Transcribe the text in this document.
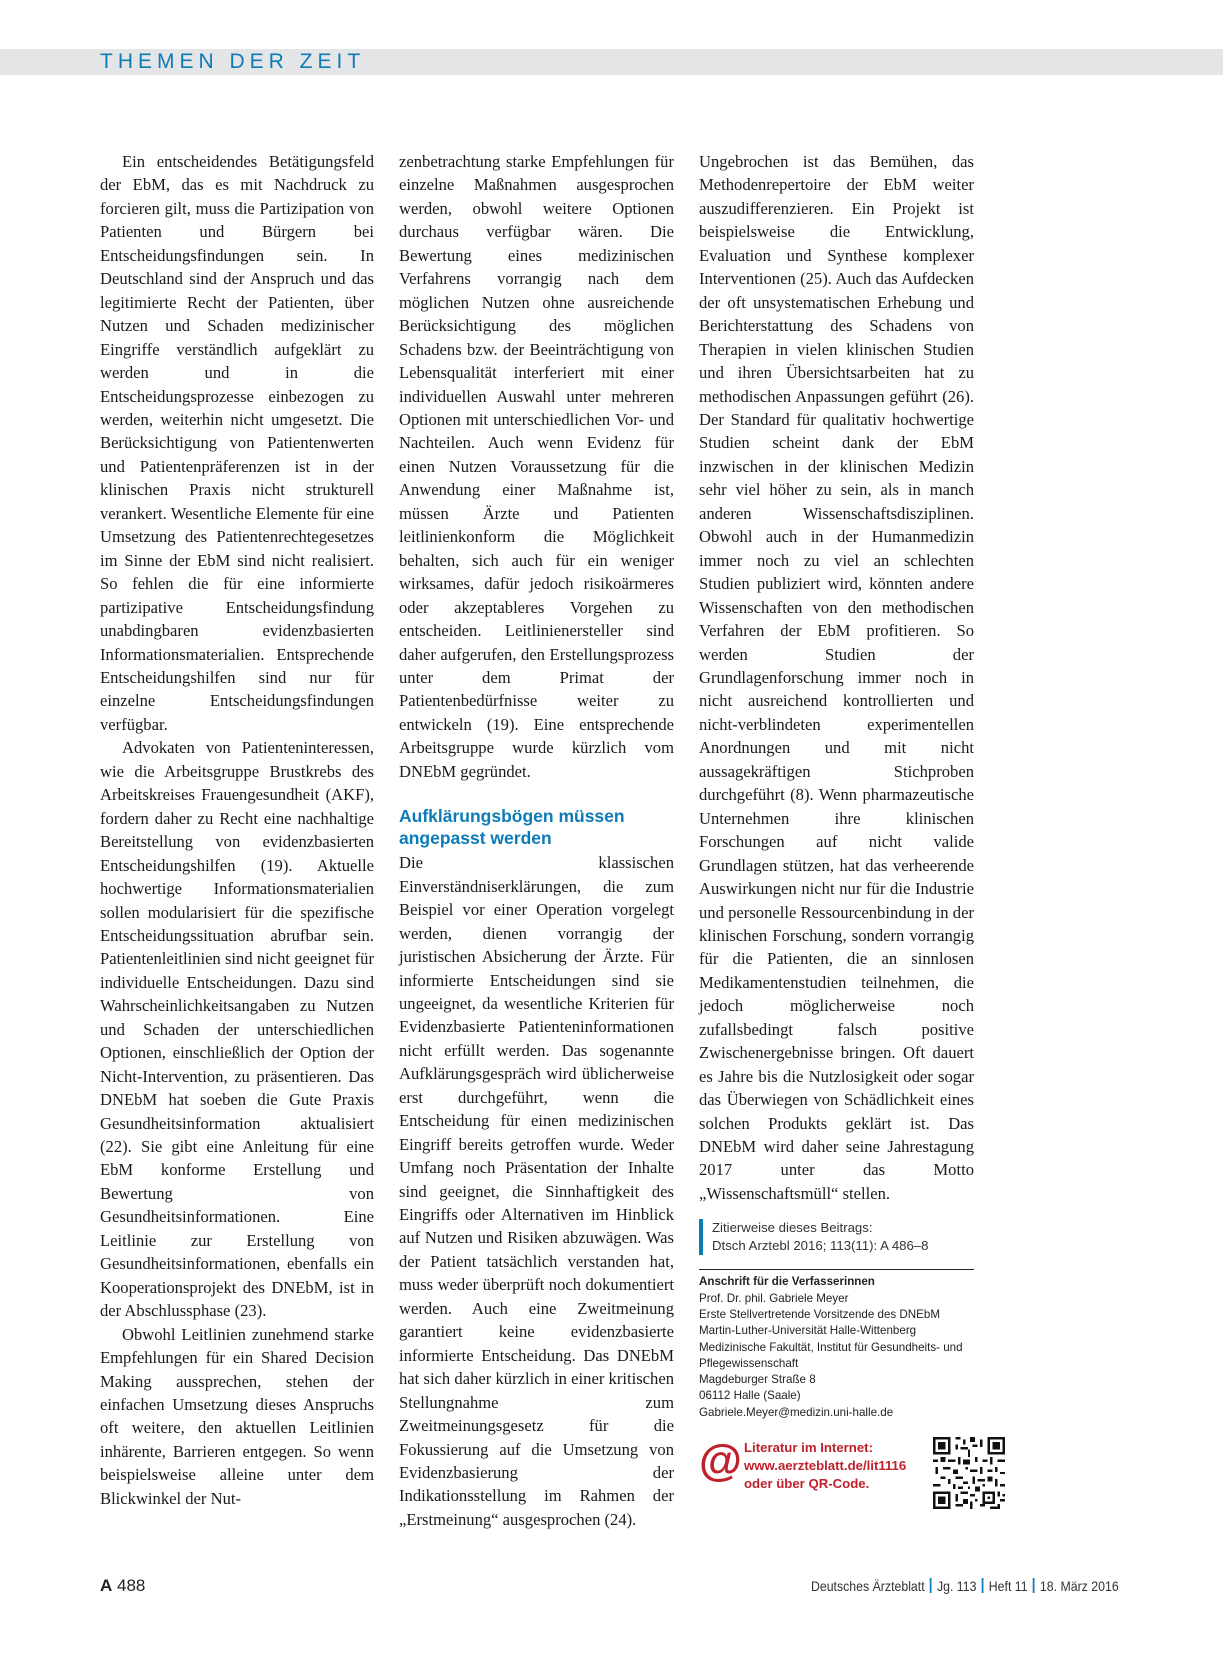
THEMEN DER ZEIT

Ein entscheidendes Betätigungsfeld der EbM, das es mit Nachdruck zu forcieren gilt, muss die Partizipation von Patienten und Bürgern bei Entscheidungsfindungen sein. In Deutschland sind der Anspruch und das legitimierte Recht der Patienten, über Nutzen und Schaden medizinischer Eingriffe verständlich aufgeklärt zu werden und in die Entscheidungsprozesse einbezogen zu werden, weiterhin nicht umgesetzt. Die Berücksichtigung von Patientenwerten und Patientenpräferenzen ist in der klinischen Praxis nicht strukturell verankert. Wesentliche Elemente für eine Umsetzung des Patientenrechtegesetzes im Sinne der EbM sind nicht realisiert. So fehlen die für eine informierte partizipative Entscheidungsfindung unabdingbaren evidenzbasierten Informationsmaterialien. Entsprechende Entscheidungshilfen sind nur für einzelne Entscheidungsfindungen verfügbar.

Advokaten von Patienteninteressen, wie die Arbeitsgruppe Brustkrebs des Arbeitskreises Frauengesundheit (AKF), fordern daher zu Recht eine nachhaltige Bereitstellung von evidenzbasierten Entscheidungshilfen (19). Aktuelle hochwertige Informationsmaterialien sollen modularisiert für die spezifische Entscheidungssituation abrufbar sein. Patientenleitlinien sind nicht geeignet für individuelle Entscheidungen. Dazu sind Wahrscheinlichkeitsangaben zu Nutzen und Schaden der unterschiedlichen Optionen, einschließlich der Option der Nicht-Intervention, zu präsentieren. Das DNEbM hat soeben die Gute Praxis Gesundheitsinformation aktualisiert (22). Sie gibt eine Anleitung für eine EbM konforme Erstellung und Bewertung von Gesundheitsinformationen. Eine Leitlinie zur Erstellung von Gesundheitsinformationen, ebenfalls ein Kooperationsprojekt des DNEbM, ist in der Abschlussphase (23).

Obwohl Leitlinien zunehmend starke Empfehlungen für ein Shared Decision Making aussprechen, stehen der einfachen Umsetzung dieses Anspruchs oft weitere, den aktuellen Leitlinien inhärente, Barrieren entgegen. So wenn beispielsweise alleine unter dem Blickwinkel der Nut-

zenbetrachtung starke Empfehlungen für einzelne Maßnahmen ausgesprochen werden, obwohl weitere Optionen durchaus verfügbar wären. Die Bewertung eines medizinischen Verfahrens vorrangig nach dem möglichen Nutzen ohne ausreichende Berücksichtigung des möglichen Schadens bzw. der Beeinträchtigung von Lebensqualität interferiert mit einer individuellen Auswahl unter mehreren Optionen mit unterschiedlichen Vor- und Nachteilen. Auch wenn Evidenz für einen Nutzen Voraussetzung für die Anwendung einer Maßnahme ist, müssen Ärzte und Patienten leitlinienkonform die Möglichkeit behalten, sich auch für ein weniger wirksames, dafür jedoch risikoärmeres oder akzeptableres Vorgehen zu entscheiden. Leitlinienersteller sind daher aufgerufen, den Erstellungsprozess unter dem Primat der Patientenbedürfnisse weiter zu entwickeln (19). Eine entsprechende Arbeitsgruppe wurde kürzlich vom DNEbM gegründet.

Aufklärungsbögen müssen angepasst werden

Die klassischen Einverständniserklärungen, die zum Beispiel vor einer Operation vorgelegt werden, dienen vorrangig der juristischen Absicherung der Ärzte. Für informierte Entscheidungen sind sie ungeeignet, da wesentliche Kriterien für Evidenzbasierte Patienteninformationen nicht erfüllt werden. Das sogenannte Aufklärungsgespräch wird üblicherweise erst durchgeführt, wenn die Entscheidung für einen medizinischen Eingriff bereits getroffen wurde. Weder Umfang noch Präsentation der Inhalte sind geeignet, die Sinnhaftigkeit des Eingriffs oder Alternativen im Hinblick auf Nutzen und Risiken abzuwägen. Was der Patient tatsächlich verstanden hat, muss weder überprüft noch dokumentiert werden. Auch eine Zweitmeinung garantiert keine evidenzbasierte informierte Entscheidung. Das DNEbM hat sich daher kürzlich in einer kritischen Stellungnahme zum Zweitmeinungsgesetz für die Fokussierung auf die Umsetzung von Evidenzbasierung der Indikationsstellung im Rahmen der „Erstmeinung“ ausgesprochen (24).

Ungebrochen ist das Bemühen, das Methodenrepertoire der EbM weiter auszudifferenzieren. Ein Projekt ist beispielsweise die Entwicklung, Evaluation und Synthese komplexer Interventionen (25). Auch das Aufdecken der oft unsystematischen Erhebung und Berichterstattung des Schadens von Therapien in vielen klinischen Studien und ihren Übersichtsarbeiten hat zu methodischen Anpassungen geführt (26). Der Standard für qualitativ hochwertige Studien scheint dank der EbM inzwischen in der klinischen Medizin sehr viel höher zu sein, als in manch anderen Wissenschaftsdisziplinen. Obwohl auch in der Humanmedizin immer noch zu viel an schlechten Studien publiziert wird, könnten andere Wissenschaften von den methodischen Verfahren der EbM profitieren. So werden Studien der Grundlagenforschung immer noch in nicht ausreichend kontrollierten und nicht-verblindeten experimentellen Anordnungen und mit nicht aussagekräftigen Stichproben durchgeführt (8). Wenn pharmazeutische Unternehmen ihre klinischen Forschungen auf nicht valide Grundlagen stützen, hat das verheerende Auswirkungen nicht nur für die Industrie und personelle Ressourcenbindung in der klinischen Forschung, sondern vorrangig für die Patienten, die an sinnlosen Medikamentenstudien teilnehmen, die jedoch möglicherweise noch zufallsbedingt falsch positive Zwischenergebnisse bringen. Oft dauert es Jahre bis die Nutzlosigkeit oder sogar das Überwiegen von Schädlichkeit eines solchen Produkts geklärt ist. Das DNEbM wird daher seine Jahrestagung 2017 unter das Motto „Wissenschaftsmüll“ stellen.

Zitierweise dieses Beitrags:
Dtsch Arztebl 2016; 113(11): A 486–8
Anschrift für die Verfasserinnen
Prof. Dr. phil. Gabriele Meyer
Erste Stellvertretende Vorsitzende des DNEbM
Martin-Luther-Universität Halle-Wittenberg
Medizinische Fakultät, Institut für Gesundheits- und
Pflegewissenschaft
Magdeburger Straße 8
06112 Halle (Saale)
Gabriele.Meyer@medizin.uni-halle.de
@ Literatur im Internet:
www.aerzteblatt.de/lit1116
oder über QR-Code.
A 488	Deutsches Ärzteblatt Jg. 113 Heft 11 18. März 2016
